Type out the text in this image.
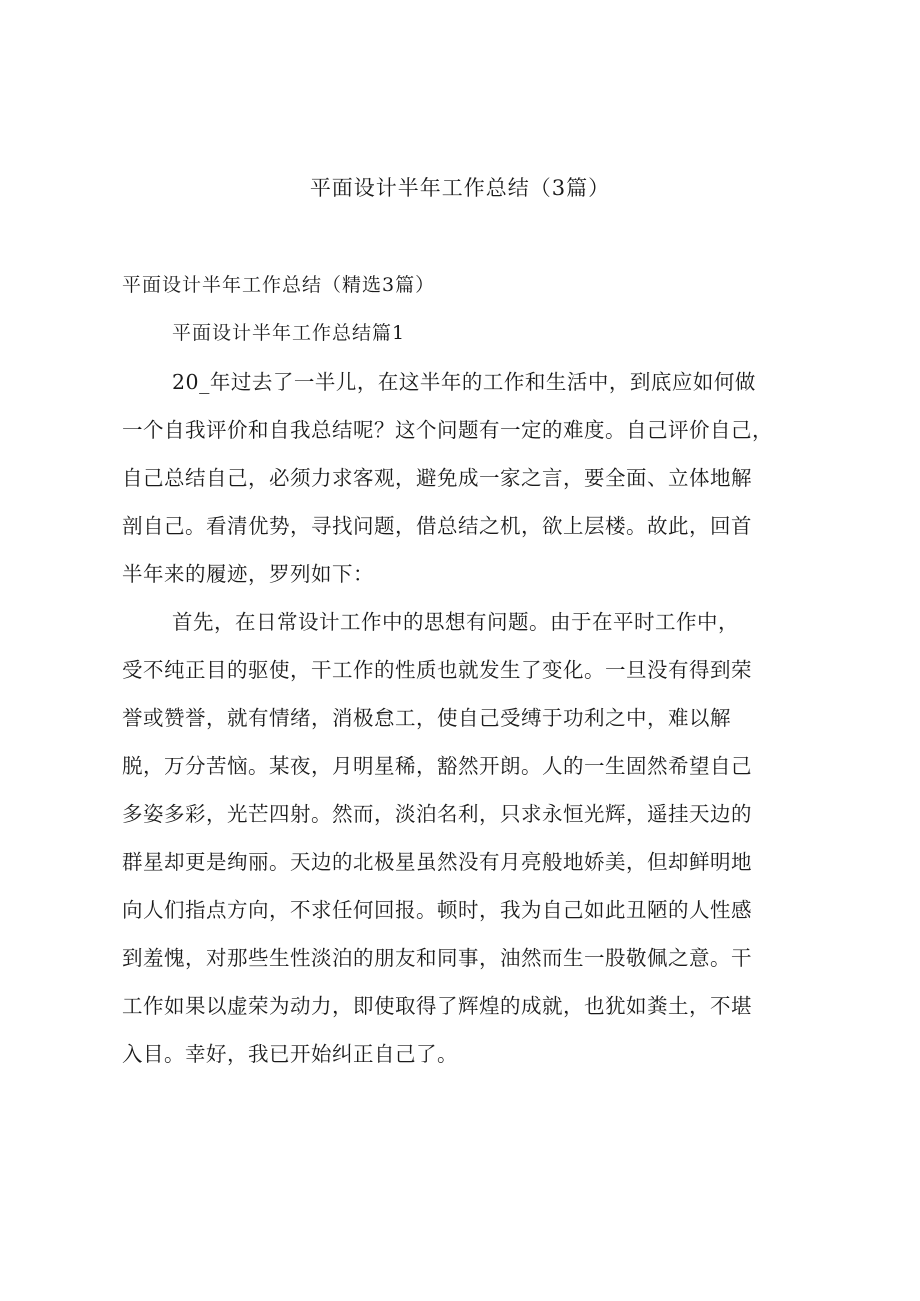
平面设计半年工作总结（3篇）
平面设计半年工作总结（精选3篇）
平面设计半年工作总结篇1
20_年过去了一半儿，在这半年的工作和生活中，到底应如何做
一个自我评价和自我总结呢？这个问题有一定的难度。自己评价自己，
自己总结自己，必须力求客观，避免成一家之言，要全面、立体地解
剖自己。看清优势，寻找问题，借总结之机，欲上层楼。故此，回首
半年来的履迹，罗列如下：
首先，在日常设计工作中的思想有问题。由于在平时工作中，
受不纯正目的驱使，干工作的性质也就发生了变化。一旦没有得到荣
誉或赞誉，就有情绪，消极怠工，使自己受缚于功利之中，难以解
脱，万分苦恼。某夜，月明星稀，豁然开朗。人的一生固然希望自己
多姿多彩，光芒四射。然而，淡泊名利，只求永恒光辉，遥挂天边的
群星却更是绚丽。天边的北极星虽然没有月亮般地娇美，但却鲜明地
向人们指点方向，不求任何回报。顿时，我为自己如此丑陋的人性感
到羞愧，对那些生性淡泊的朋友和同事，油然而生一股敬佩之意。干
工作如果以虚荣为动力，即使取得了辉煌的成就，也犹如粪土，不堪
入目。幸好，我已开始纠正自己了。
